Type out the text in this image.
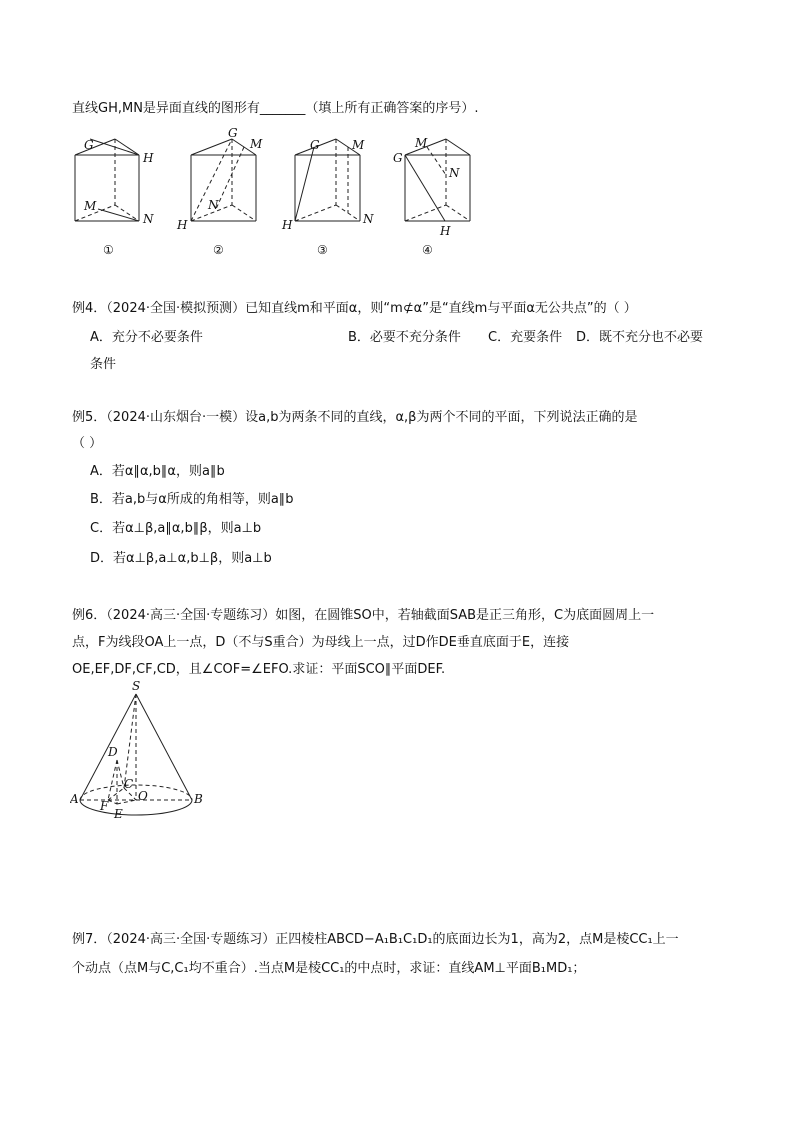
直线GH,MN是异面直线的图形有_______（填上所有正确答案的序号）.
G
H
M
N
G
M
N
H
G	M
H	N
M
G
N
H
①	②	③	④
例4．（2024·全国·模拟预测）已知直线m和平面α，则“m⊄α”是“直线m与平面α无公共点”的（ ）
A．充分不必要条件	B．必要不充分条件 C．充要条件 D．既不充分也不必要
条件
例5．（2024·山东烟台·一模）设a,b为两条不同的直线，α,β为两个不同的平面，下列说法正确的是
（ ）
A．若α∥α,b∥α，则a∥b
B．若a,b与α所成的角相等，则a∥b
C．若α⊥β,a∥α,b∥β，则a⊥b
D．若α⊥β,a⊥α,b⊥β，则a⊥b
例6．（2024·高三·全国·专题练习）如图，在圆锥SO中，若轴截面SAB是正三角形，C为底面圆周上一
点，F为线段OA上一点，D（不与S重合）为母线上一点，过D作DE垂直底面于E，连接
OE,EF,DF,CF,CD，且∠COF=∠EFO.求证：平面SCO∥平面DEF.
S
D
C
O
A	B
F
E
例7．（2024·高三·全国·专题练习）正四棱柱ABCD−A₁B₁C₁D₁的底面边长为1，高为2，点M是棱CC₁上一
个动点（点M与C,C₁均不重合）.当点M是棱CC₁的中点时，求证：直线AM⊥平面B₁MD₁；
